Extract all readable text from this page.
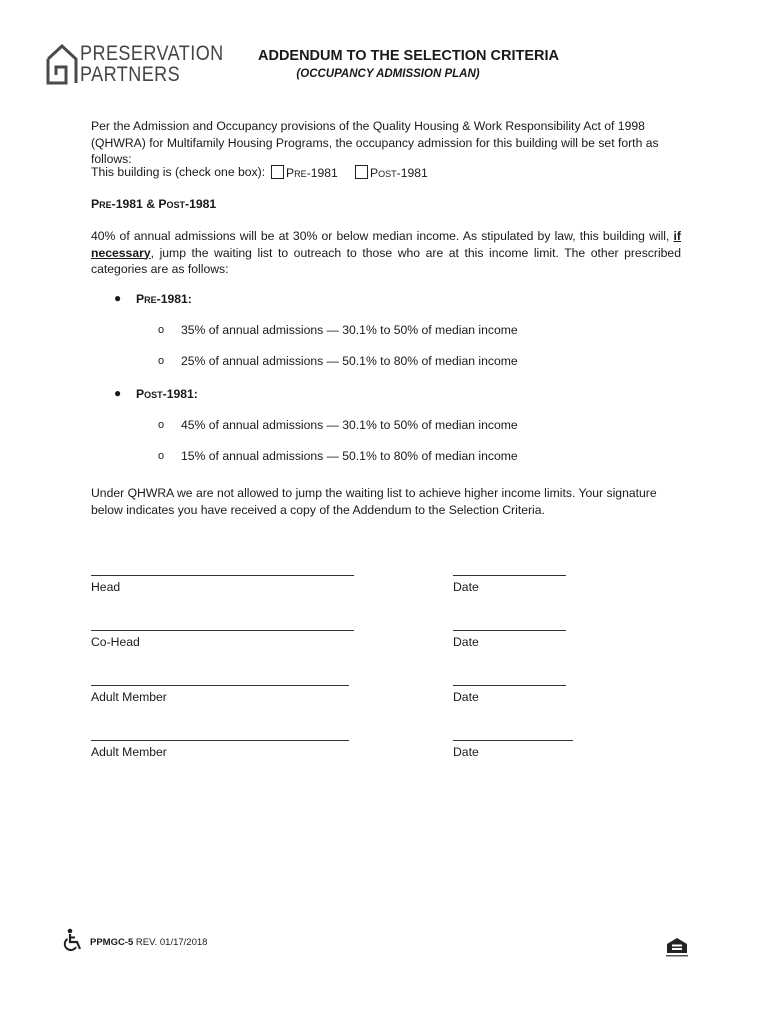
PRESERVATION
PARTNERS
ADDENDUM TO THE SELECTION CRITERIA
(OCCUPANCY ADMISSION PLAN)
Per the Admission and Occupancy provisions of the Quality Housing & Work Responsibility Act of 1998 (QHWRA) for Multifamily Housing Programs, the occupancy admission for this building will be set forth as follows:
This building is (check one box):	Pre-1981	Post-1981
Pre-1981 & Post-1981
40% of annual admissions will be at 30% or below median income. As stipulated by law, this building will, if necessary, jump the waiting list to outreach to those who are at this income limit. The other prescribed categories are as follows:
● Pre-1981:
o 35% of annual admissions — 30.1% to 50% of median income
o 25% of annual admissions — 50.1% to 80% of median income
● Post-1981:
o 45% of annual admissions — 30.1% to 50% of median income
o 15% of annual admissions — 50.1% to 80% of median income
Under QHWRA we are not allowed to jump the waiting list to achieve higher income limits. Your signature below indicates you have received a copy of the Addendum to the Selection Criteria.
Head	Date
Co-Head	Date
Adult Member	Date
Adult Member	Date
PPMGC-5 REV. 01/17/2018
